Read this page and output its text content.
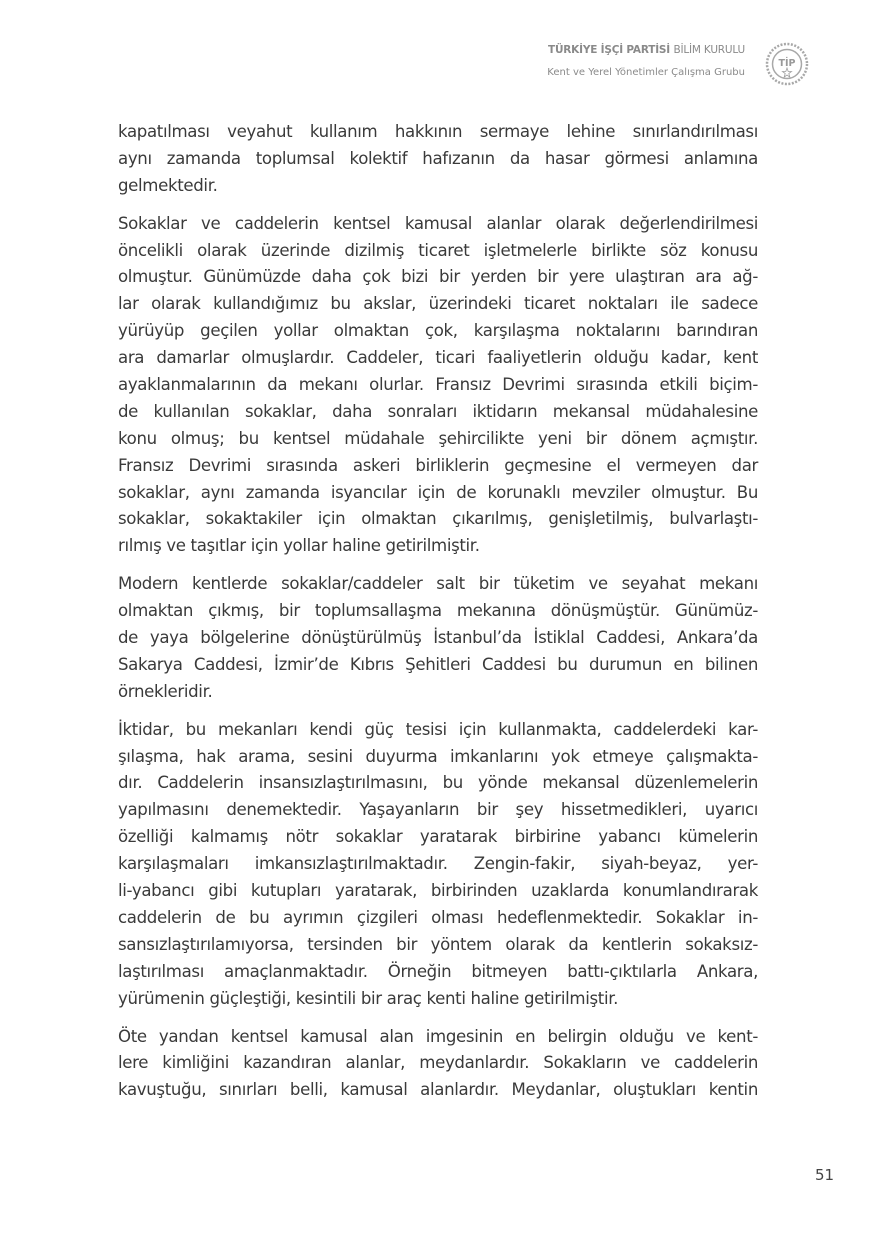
TÜRKİYE İŞÇİ PARTİSİ BİLİM KURULU
Kent ve Yerel Yönetimler Çalışma Grubu
TİP
kapatılması veyahut kullanım hakkının sermaye lehine sınırlandırılması
aynı zamanda toplumsal kolektif hafızanın da hasar görmesi anlamına
gelmektedir.
Sokaklar ve caddelerin kentsel kamusal alanlar olarak değerlendirilmesi
öncelikli olarak üzerinde dizilmiş ticaret işletmelerle birlikte söz konusu
olmuştur. Günümüzde daha çok bizi bir yerden bir yere ulaştıran ara ağ-
lar olarak kullandığımız bu akslar, üzerindeki ticaret noktaları ile sadece
yürüyüp geçilen yollar olmaktan çok, karşılaşma noktalarını barındıran
ara damarlar olmuşlardır. Caddeler, ticari faaliyetlerin olduğu kadar, kent
ayaklanmalarının da mekanı olurlar. Fransız Devrimi sırasında etkili biçim-
de kullanılan sokaklar, daha sonraları iktidarın mekansal müdahalesine
konu olmuş; bu kentsel müdahale şehircilikte yeni bir dönem açmıştır.
Fransız Devrimi sırasında askeri birliklerin geçmesine el vermeyen dar
sokaklar, aynı zamanda isyancılar için de korunaklı mevziler olmuştur. Bu
sokaklar, sokaktakiler için olmaktan çıkarılmış, genişletilmiş, bulvarlaştı-
rılmış ve taşıtlar için yollar haline getirilmiştir.
Modern kentlerde sokaklar/caddeler salt bir tüketim ve seyahat mekanı
olmaktan çıkmış, bir toplumsallaşma mekanına dönüşmüştür. Günümüz-
de yaya bölgelerine dönüştürülmüş İstanbul’da İstiklal Caddesi, Ankara’da
Sakarya Caddesi, İzmir’de Kıbrıs Şehitleri Caddesi bu durumun en bilinen
örnekleridir.
İktidar, bu mekanları kendi güç tesisi için kullanmakta, caddelerdeki kar-
şılaşma, hak arama, sesini duyurma imkanlarını yok etmeye çalışmakta-
dır. Caddelerin insansızlaştırılmasını, bu yönde mekansal düzenlemelerin
yapılmasını denemektedir. Yaşayanların bir şey hissetmedikleri, uyarıcı
özelliği kalmamış nötr sokaklar yaratarak birbirine yabancı kümelerin
karşılaşmaları imkansızlaştırılmaktadır. Zengin-fakir, siyah-beyaz, yer-
li-yabancı gibi kutupları yaratarak, birbirinden uzaklarda konumlandırarak
caddelerin de bu ayrımın çizgileri olması hedeflenmektedir. Sokaklar in-
sansızlaştırılamıyorsa, tersinden bir yöntem olarak da kentlerin sokaksız-
laştırılması amaçlanmaktadır. Örneğin bitmeyen battı-çıktılarla Ankara,
yürümenin güçleştiği, kesintili bir araç kenti haline getirilmiştir.
Öte yandan kentsel kamusal alan imgesinin en belirgin olduğu ve kent-
lere kimliğini kazandıran alanlar, meydanlardır. Sokakların ve caddelerin
kavuştuğu, sınırları belli, kamusal alanlardır. Meydanlar, oluştukları kentin
51
